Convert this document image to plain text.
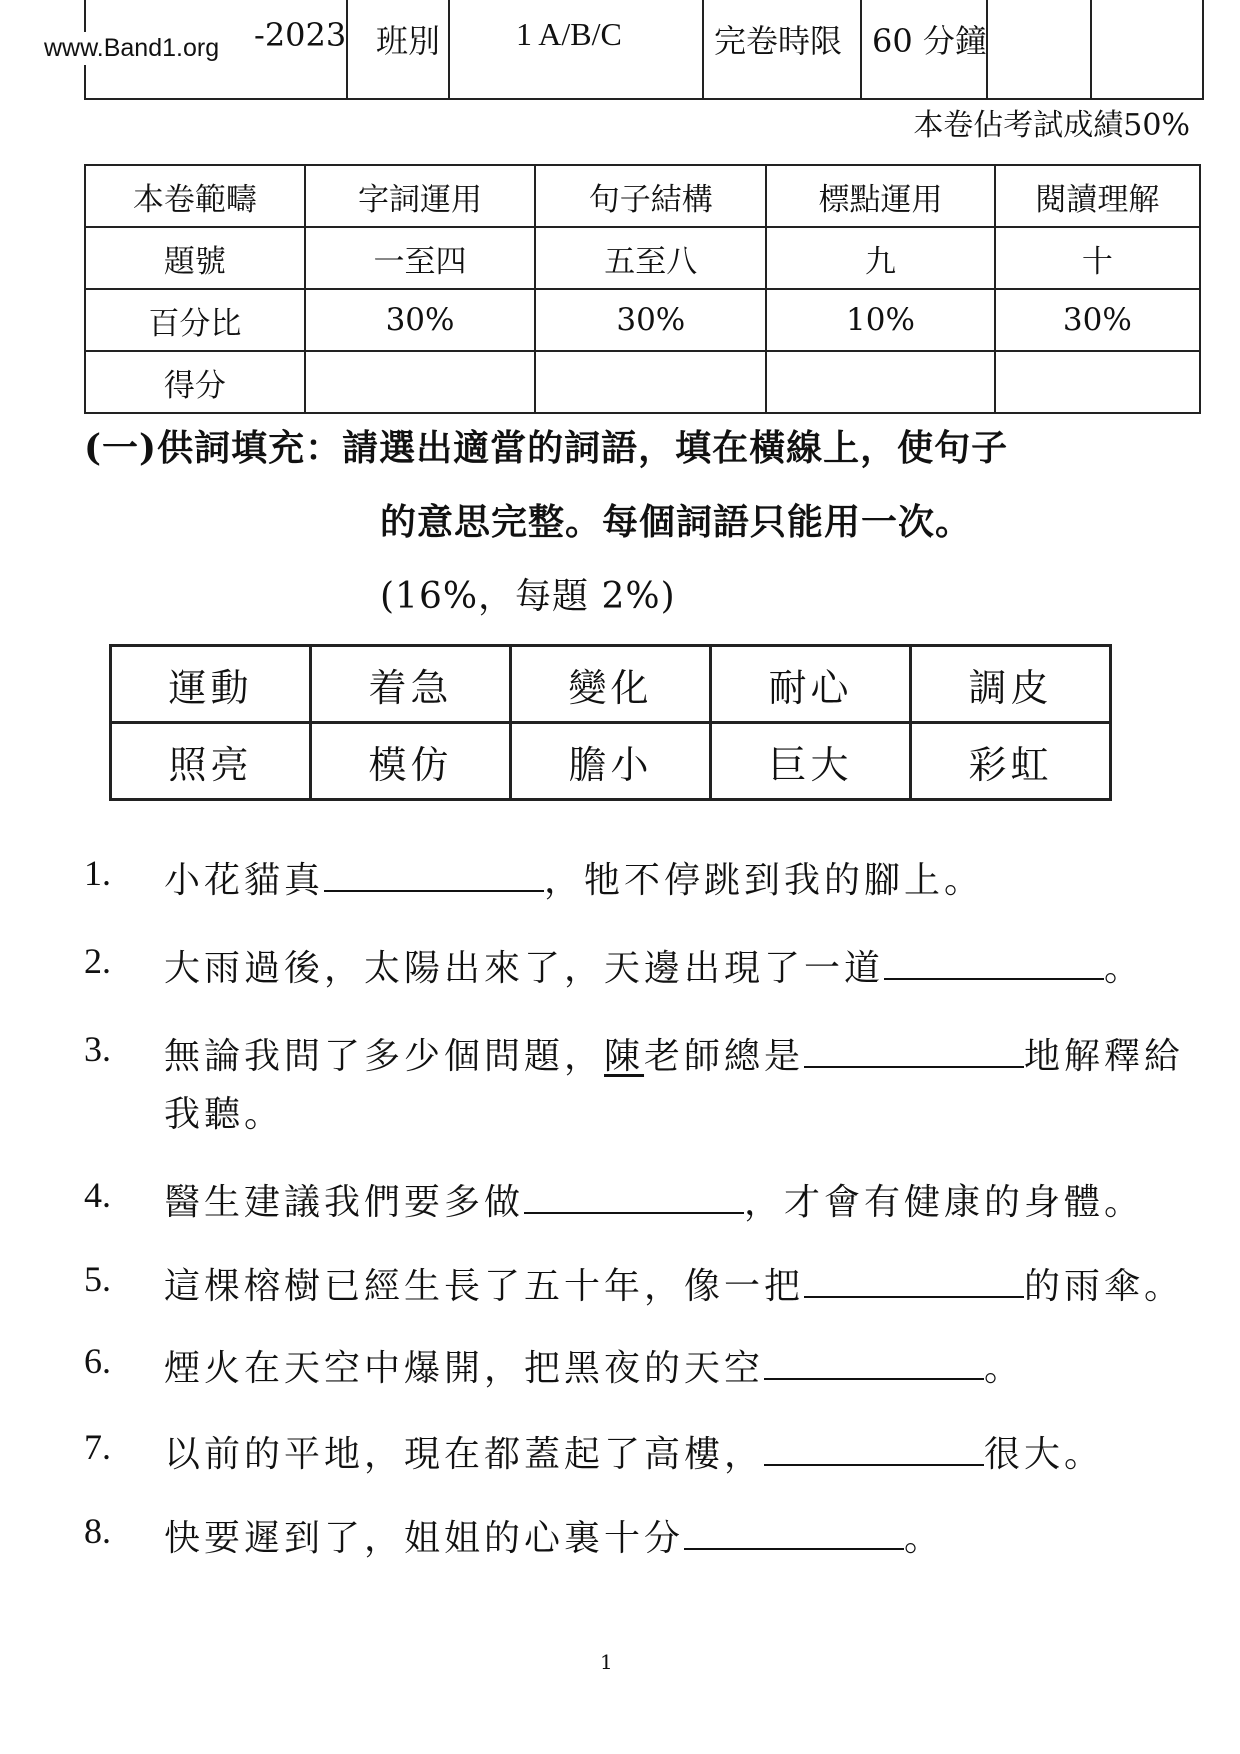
-2023 班別 1 A/B/C	完卷時限 60 分鐘
www.Band1.org
本卷佔考試成績50%
本卷範疇	字詞運用	句子結構	標點運用	閱讀理解
題號	一至四	五至八	九	十
百分比	30%	30%	10%	30%
得分				
(一)供詞填充：請選出適當的詞語，填在橫線上，使句子
的意思完整。每個詞語只能用一次。
(16%，每題 2%)
運動	着急	變化	耐心	調皮
照亮	模仿	膽小	巨大	彩虹
1. 小花貓真	，牠不停跳到我的腳上。
2. 大雨過後，太陽出來了，天邊出現了一道	。
3. 無論我問了多少個問題，陳老師總是	地解釋給
我聽。
4. 醫生建議我們要多做	，才會有健康的身體。
5. 這棵榕樹已經生長了五十年，像一把	的雨傘。
6. 煙火在天空中爆開，把黑夜的天空	。
7. 以前的平地，現在都蓋起了高樓，	很大。
8. 快要遲到了，姐姐的心裏十分	。
1
